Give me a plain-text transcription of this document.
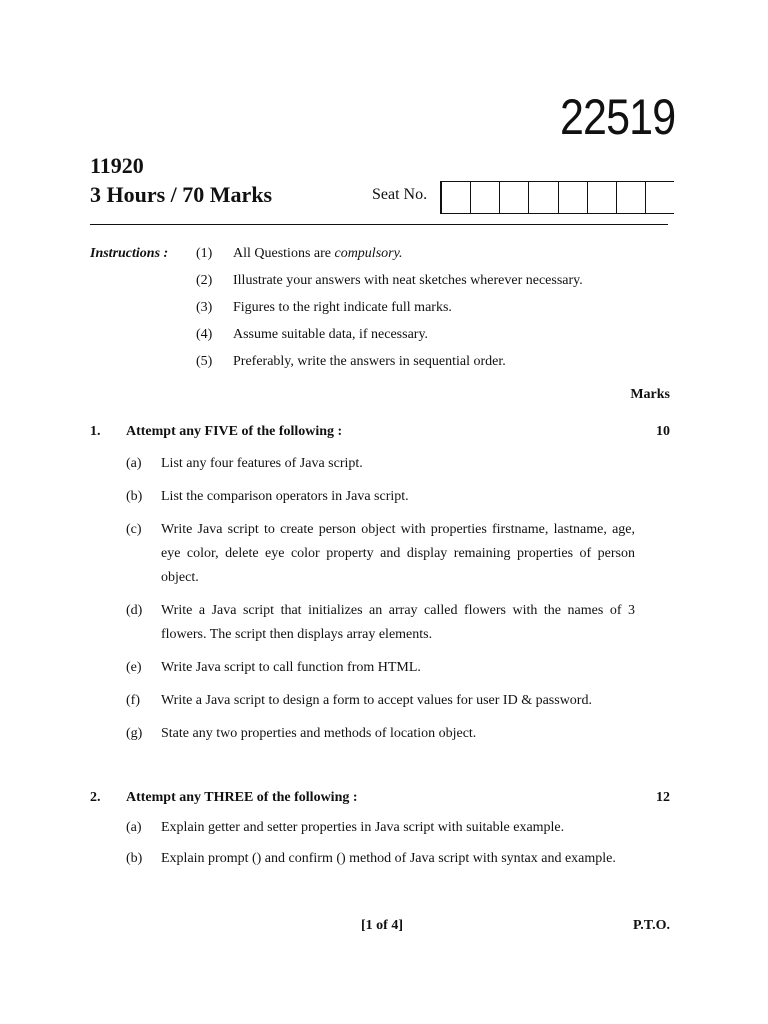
22519
11920
3 Hours / 70 Marks	Seat No.
Instructions : (1) All Questions are compulsory.
(2) Illustrate your answers with neat sketches wherever necessary.
(3) Figures to the right indicate full marks.
(4) Assume suitable data, if necessary.
(5) Preferably, write the answers in sequential order.
Marks
1. Attempt any FIVE of the following :	10
(a) List any four features of Java script.
(b) List the comparison operators in Java script.
(c) Write Java script to create person object with properties firstname, lastname, age, eye color, delete eye color property and display remaining properties of person object.
(d) Write a Java script that initializes an array called flowers with the names of 3 flowers. The script then displays array elements.
(e) Write Java script to call function from HTML.
(f) Write a Java script to design a form to accept values for user ID & password.
(g) State any two properties and methods of location object.
2. Attempt any THREE of the following :	12
(a) Explain getter and setter properties in Java script with suitable example.
(b) Explain prompt () and confirm () method of Java script with syntax and example.
[1 of 4]	P.T.O.
